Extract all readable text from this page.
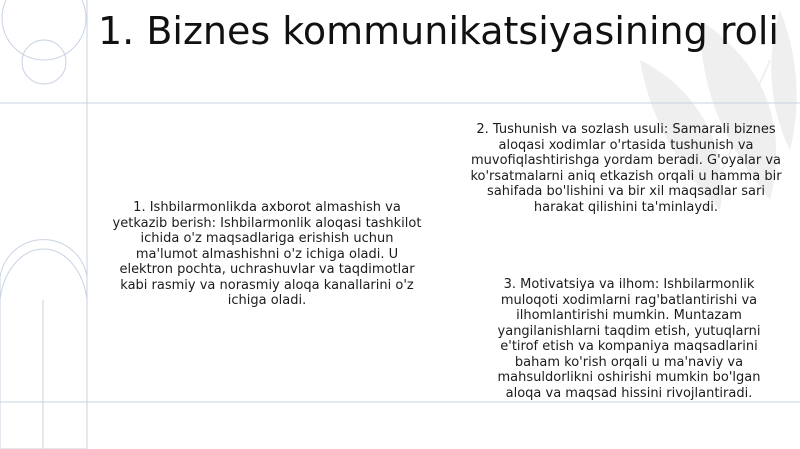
1. Biznes kommunikatsiyasining roli

1. Ishbilarmonlikda axborot almashish va yetkazib berish: Ishbilarmonlik aloqasi tashkilot ichida o'z maqsadlariga erishish uchun ma'lumot almashishni o'z ichiga oladi. U elektron pochta, uchrashuvlar va taqdimotlar kabi rasmiy va norasmiy aloqa kanallarini o'z ichiga oladi.

2. Tushunish va sozlash usuli: Samarali biznes aloqasi xodimlar o'rtasida tushunish va muvofiqlashtirishga yordam beradi. G'oyalar va ko'rsatmalarni aniq etkazish orqali u hamma bir sahifada bo'lishini va bir xil maqsadlar sari harakat qilishini ta'minlaydi.

3. Motivatsiya va ilhom: Ishbilarmonlik muloqoti xodimlarni rag'batlantirishi va ilhomlantirishi mumkin. Muntazam yangilanishlarni taqdim etish, yutuqlarni e'tirof etish va kompaniya maqsadlarini baham ko'rish orqali u ma'naviy va mahsuldorlikni oshirishi mumkin bo'lgan aloqa va maqsad hissini rivojlantiradi.
